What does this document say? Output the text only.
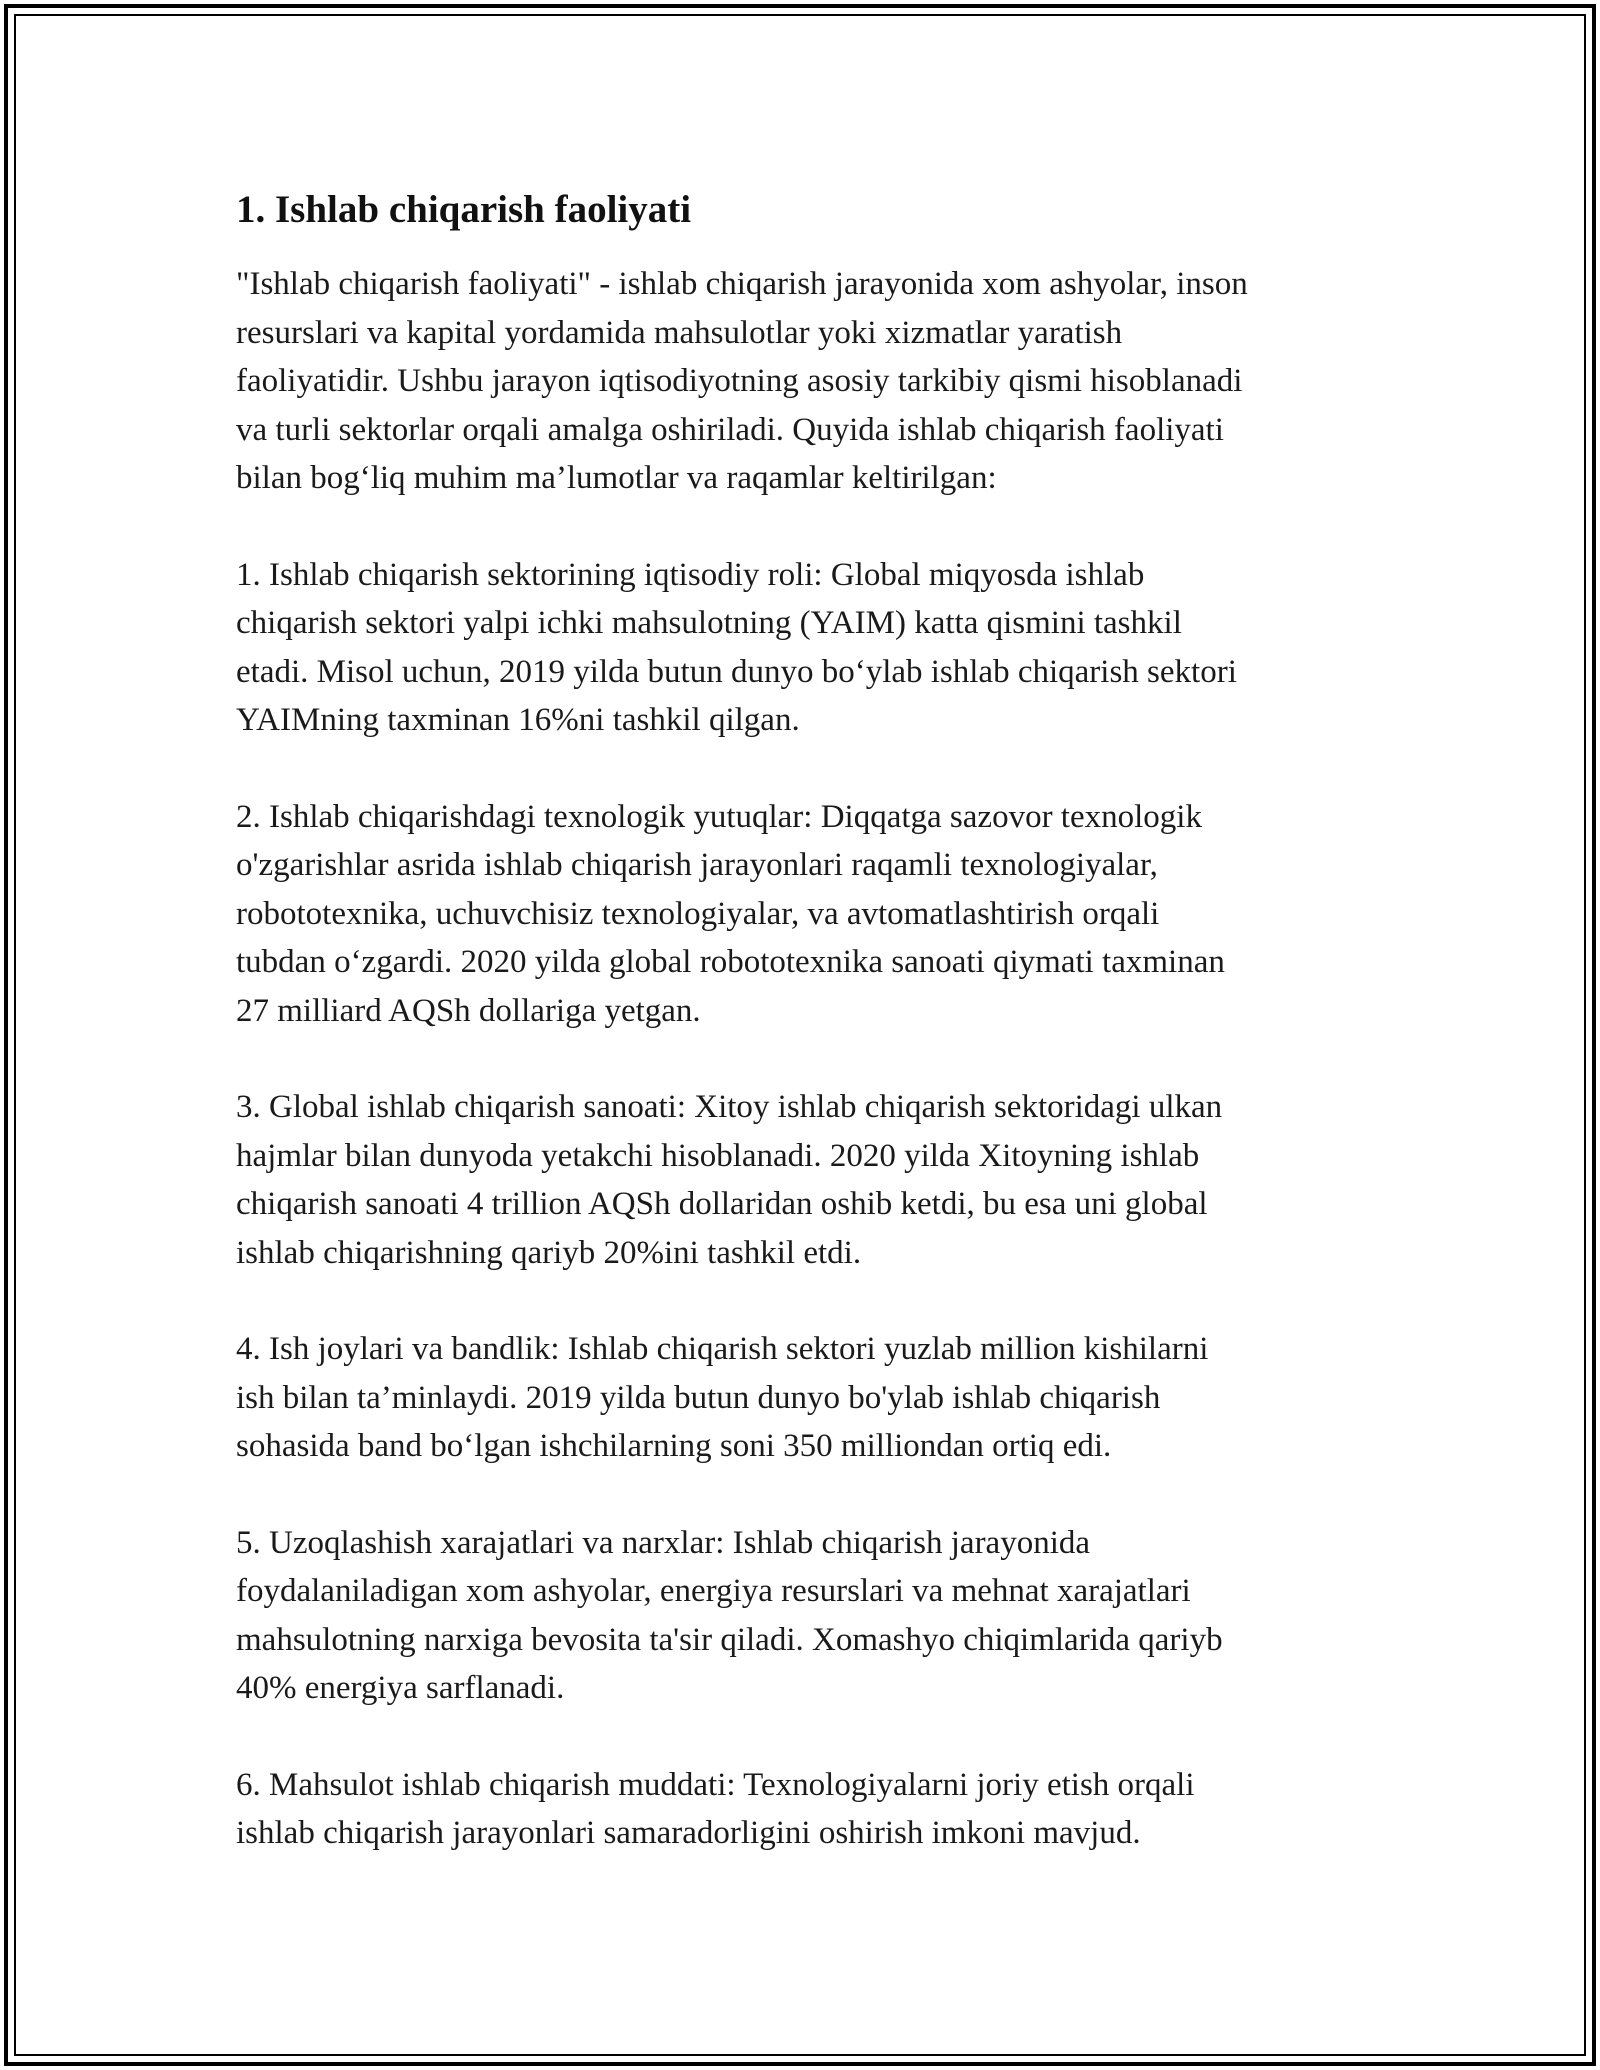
1. Ishlab chiqarish faoliyati

"Ishlab chiqarish faoliyati" - ishlab chiqarish jarayonida xom ashyolar, inson
resurslari va kapital yordamida mahsulotlar yoki xizmatlar yaratish
faoliyatidir. Ushbu jarayon iqtisodiyotning asosiy tarkibiy qismi hisoblanadi
va turli sektorlar orqali amalga oshiriladi. Quyida ishlab chiqarish faoliyati
bilan bog‘liq muhim ma’lumotlar va raqamlar keltirilgan:

1. Ishlab chiqarish sektorining iqtisodiy roli: Global miqyosda ishlab
chiqarish sektori yalpi ichki mahsulotning (YAIM) katta qismini tashkil
etadi. Misol uchun, 2019 yilda butun dunyo bo‘ylab ishlab chiqarish sektori
YAIMning taxminan 16%ni tashkil qilgan.

2. Ishlab chiqarishdagi texnologik yutuqlar: Diqqatga sazovor texnologik
o'zgarishlar asrida ishlab chiqarish jarayonlari raqamli texnologiyalar,
robototexnika, uchuvchisiz texnologiyalar, va avtomatlashtirish orqali
tubdan o‘zgardi. 2020 yilda global robototexnika sanoati qiymati taxminan
27 milliard AQSh dollariga yetgan.

3. Global ishlab chiqarish sanoati: Xitoy ishlab chiqarish sektoridagi ulkan
hajmlar bilan dunyoda yetakchi hisoblanadi. 2020 yilda Xitoyning ishlab
chiqarish sanoati 4 trillion AQSh dollaridan oshib ketdi, bu esa uni global
ishlab chiqarishning qariyb 20%ini tashkil etdi.

4. Ish joylari va bandlik: Ishlab chiqarish sektori yuzlab million kishilarni
ish bilan ta’minlaydi. 2019 yilda butun dunyo bo'ylab ishlab chiqarish
sohasida band bo‘lgan ishchilarning soni 350 milliondan ortiq edi.

5. Uzoqlashish xarajatlari va narxlar: Ishlab chiqarish jarayonida
foydalaniladigan xom ashyolar, energiya resurslari va mehnat xarajatlari
mahsulotning narxiga bevosita ta'sir qiladi. Xomashyo chiqimlarida qariyb
40% energiya sarflanadi.

6. Mahsulot ishlab chiqarish muddati: Texnologiyalarni joriy etish orqali
ishlab chiqarish jarayonlari samaradorligini oshirish imkoni mavjud.
